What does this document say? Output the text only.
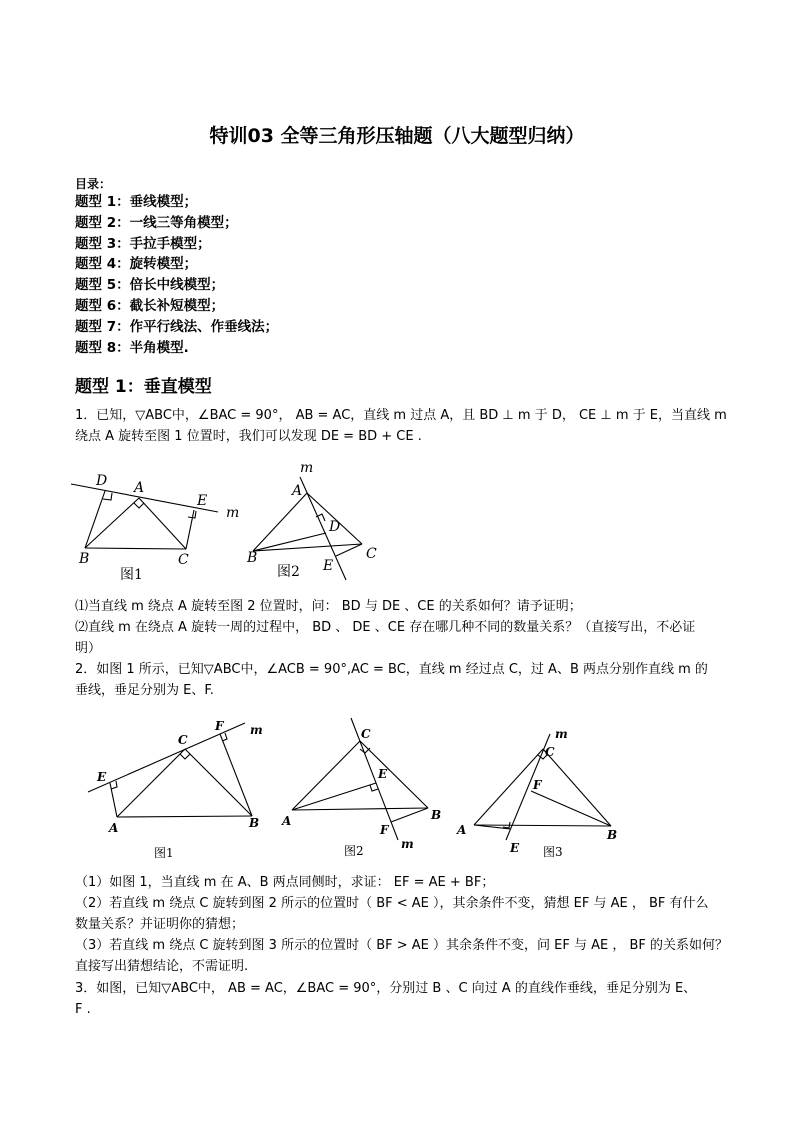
特训03 全等三角形压轴题（八大题型归纳）
目录：
题型 1：垂线模型；
题型 2：一线三等角模型；
题型 3：手拉手模型；
题型 4：旋转模型；
题型 5：倍长中线模型；
题型 6：截长补短模型；
题型 7：作平行线法、作垂线法；
题型 8：半角模型.
题型 1：垂直模型
1．已知，▽ABC中，∠BAC = 90°， AB = AC，直线 m 过点 A，且 BD ⊥ m 于 D， CE ⊥ m 于 E，当直线 m
绕点 A 旋转至图 1 位置时，我们可以发现 DE = BD + CE .
D A
E
m
B	C
图1
m
A
D
C
B	E
图2
⑴当直线 m 绕点 A 旋转至图 2 位置时，问： BD 与 DE 、CE 的关系如何？请予证明；
⑵直线 m 在绕点 A 旋转一周的过程中， BD 、 DE 、CE 存在哪几种不同的数量关系？（直接写出，不必证
明）
2．如图 1 所示，已知▽ABC中，∠ACB = 90°,AC = BC，直线 m 经过点 C，过 A、B 两点分别作直线 m 的
垂线，垂足分别为 E、F.
m
C
F
E
A	B
图1
C
E
B
A
F
m
图2
m
C
F
A	B
E 图3
（1）如图 1，当直线 m 在 A、B 两点同侧时，求证： EF = AE + BF；
（2）若直线 m 绕点 C 旋转到图 2 所示的位置时（ BF < AE ），其余条件不变，猜想 EF 与 AE ， BF 有什么
数量关系？并证明你的猜想；
（3）若直线 m 绕点 C 旋转到图 3 所示的位置时（ BF > AE ）其余条件不变，问 EF 与 AE ， BF 的关系如何？
直接写出猜想结论，不需证明.
3．如图，已知▽ABC中， AB = AC，∠BAC = 90°，分别过 B 、C 向过 A 的直线作垂线，垂足分别为 E、
F .
